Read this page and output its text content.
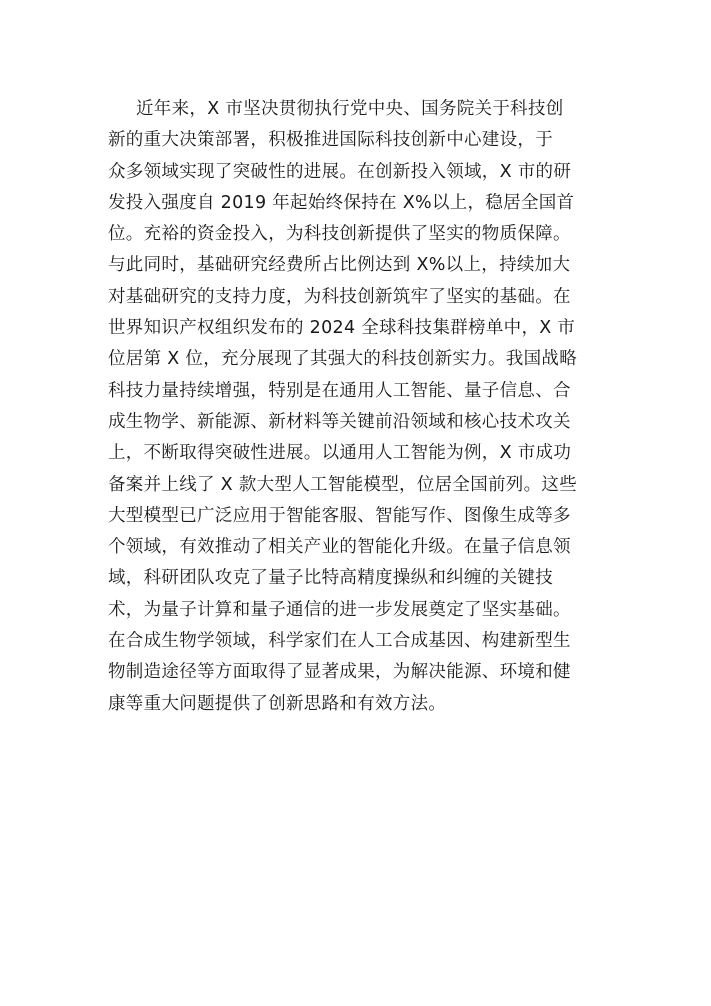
近年来，X 市坚决贯彻执行党中央、国务院关于科技创
新的重大决策部署，积极推进国际科技创新中心建设，于
众多领域实现了突破性的进展。在创新投入领域，X 市的研
发投入强度自 2019 年起始终保持在 X%以上，稳居全国首
位。充裕的资金投入，为科技创新提供了坚实的物质保障。
与此同时，基础研究经费所占比例达到 X%以上，持续加大
对基础研究的支持力度，为科技创新筑牢了坚实的基础。在
世界知识产权组织发布的 2024 全球科技集群榜单中，X 市
位居第 X 位，充分展现了其强大的科技创新实力。我国战略
科技力量持续增强，特别是在通用人工智能、量子信息、合
成生物学、新能源、新材料等关键前沿领域和核心技术攻关
上，不断取得突破性进展。以通用人工智能为例，X 市成功
备案并上线了 X 款大型人工智能模型，位居全国前列。这些
大型模型已广泛应用于智能客服、智能写作、图像生成等多
个领域，有效推动了相关产业的智能化升级。在量子信息领
域，科研团队攻克了量子比特高精度操纵和纠缠的关键技
术，为量子计算和量子通信的进一步发展奠定了坚实基础。
在合成生物学领域，科学家们在人工合成基因、构建新型生
物制造途径等方面取得了显著成果，为解决能源、环境和健
康等重大问题提供了创新思路和有效方法。
